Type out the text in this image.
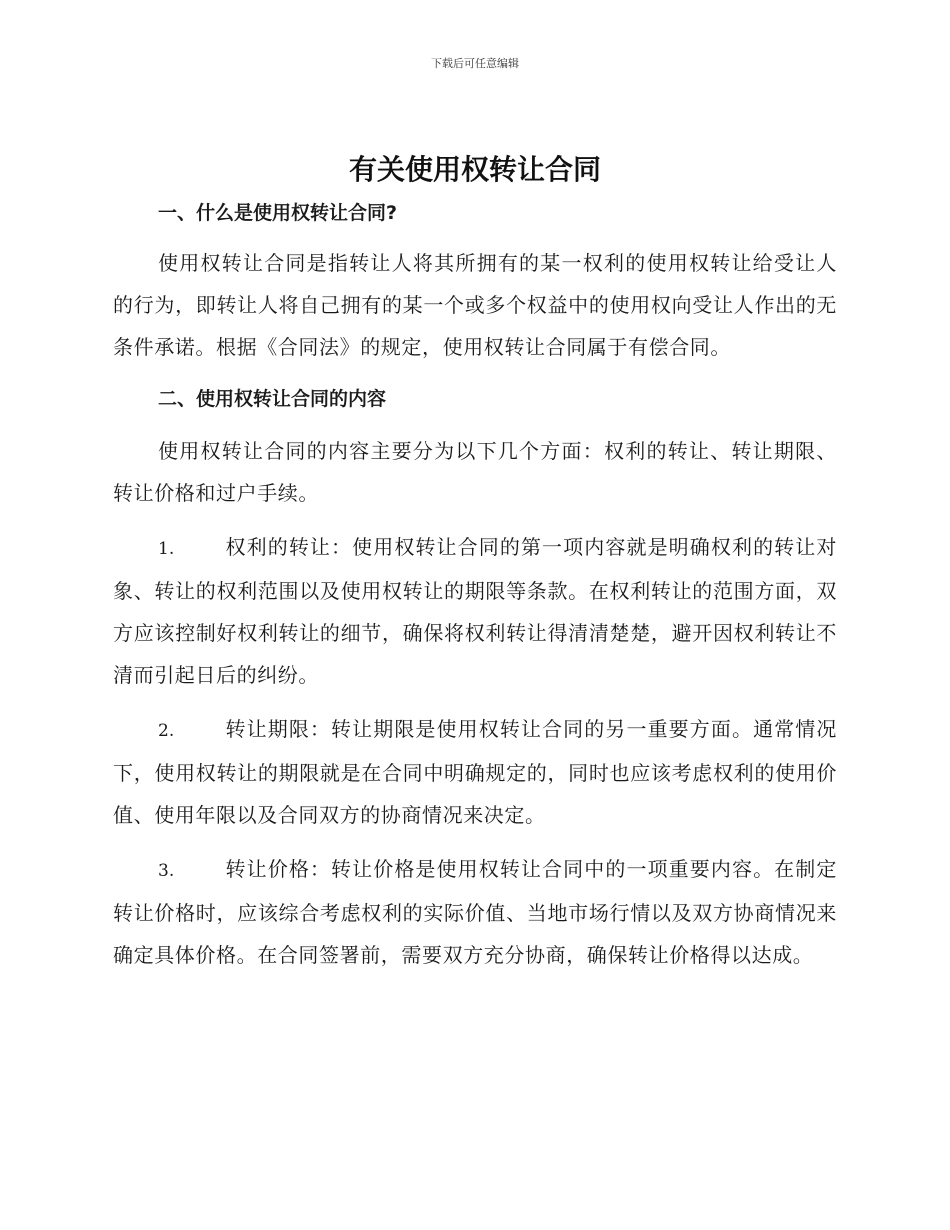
下载后可任意编辑
有关使用权转让合同

一、什么是使用权转让合同?

使用权转让合同是指转让人将其所拥有的某一权利的使用权转让给受让人的行为，即转让人将自己拥有的某一个或多个权益中的使用权向受让人作出的无条件承诺。根据《合同法》的规定，使用权转让合同属于有偿合同。

二、使用权转让合同的内容

使用权转让合同的内容主要分为以下几个方面：权利的转让、转让期限、转让价格和过户手续。

1.	权利的转让：使用权转让合同的第一项内容就是明确权利的转让对象、转让的权利范围以及使用权转让的期限等条款。在权利转让的范围方面，双方应该控制好权利转让的细节，确保将权利转让得清清楚楚，避开因权利转让不清而引起日后的纠纷。

2.	转让期限：转让期限是使用权转让合同的另一重要方面。通常情况下，使用权转让的期限就是在合同中明确规定的，同时也应该考虑权利的使用价值、使用年限以及合同双方的协商情况来决定。

3.	转让价格：转让价格是使用权转让合同中的一项重要内容。在制定转让价格时，应该综合考虑权利的实际价值、当地市场行情以及双方协商情况来确定具体价格。在合同签署前，需要双方充分协商，确保转让价格得以达成。
